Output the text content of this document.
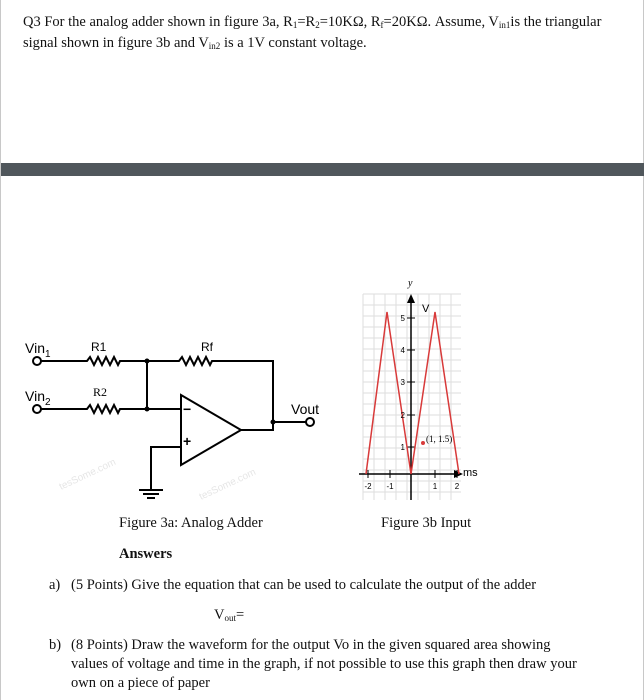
Q3 For the analog adder shown in figure 3a, $R_1=R_2=10K\Omega$, $R_f=20K\Omega$. Assume, $V_{in1}is$ the triangular
signal shown in figure 3b and $V_{in2}$ is a 1V constant voltage.
Vin$_1$
Vin$_2$
R1
R2
Rf
Vout
+
−
tesSome.com	tesSome.com
Figure 3a: Analog Adder
y
V
ms
(1, 1.5)
1
2
3
4
5
-2 -1	1 2
Figure 3b Input
Answers
a) (5 Points) Give the equation that can be used to calculate the output of the adder
$V_{out}=$
b) (8 Points) Draw the waveform for the output Vo in the given squared area showing
values of voltage and time in the graph, if not possible to use this graph then draw your
own on a piece of paper
